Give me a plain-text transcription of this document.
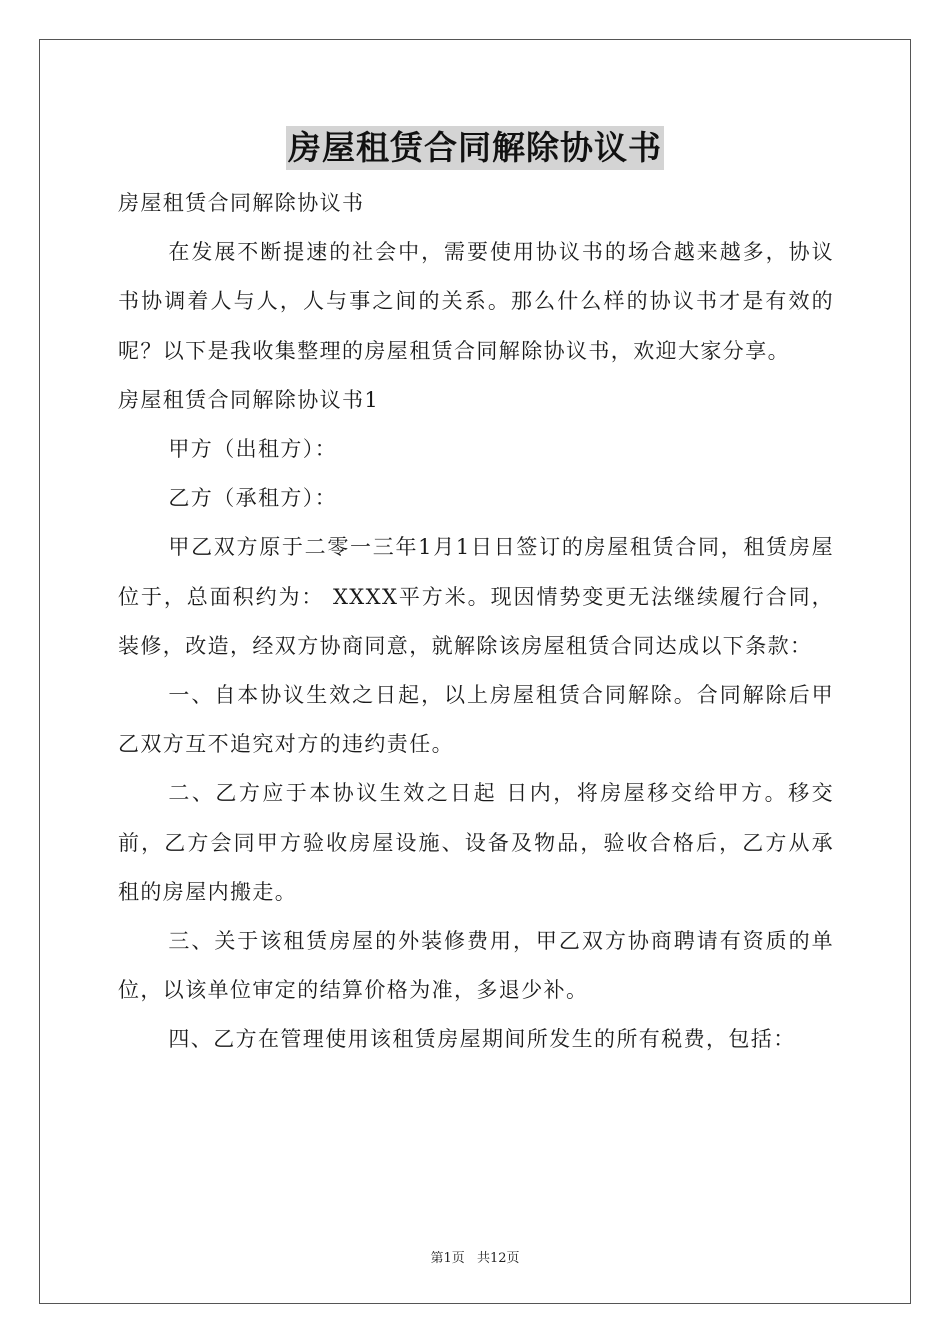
房屋租赁合同解除协议书

房屋租赁合同解除协议书

在发展不断提速的社会中，需要使用协议书的场合越来越多，协议书协调着人与人，人与事之间的关系。那么什么样的协议书才是有效的呢？以下是我收集整理的房屋租赁合同解除协议书，欢迎大家分享。

房屋租赁合同解除协议书1

甲方（出租方）：

乙方（承租方）：

甲乙双方原于二零一三年1月1日日签订的房屋租赁合同，租赁房屋位于，总面积约为： XXXX平方米。现因情势变更无法继续履行合同，装修，改造，经双方协商同意，就解除该房屋租赁合同达成以下条款：

一、自本协议生效之日起，以上房屋租赁合同解除。合同解除后甲乙双方互不追究对方的违约责任。

二、乙方应于本协议生效之日起 日内，将房屋移交给甲方。移交前，乙方会同甲方验收房屋设施、设备及物品，验收合格后，乙方从承租的房屋内搬走。

三、关于该租赁房屋的外装修费用，甲乙双方协商聘请有资质的单位，以该单位审定的结算价格为准，多退少补。

四、乙方在管理使用该租赁房屋期间所发生的所有税费，包括：

第1页 共12页
